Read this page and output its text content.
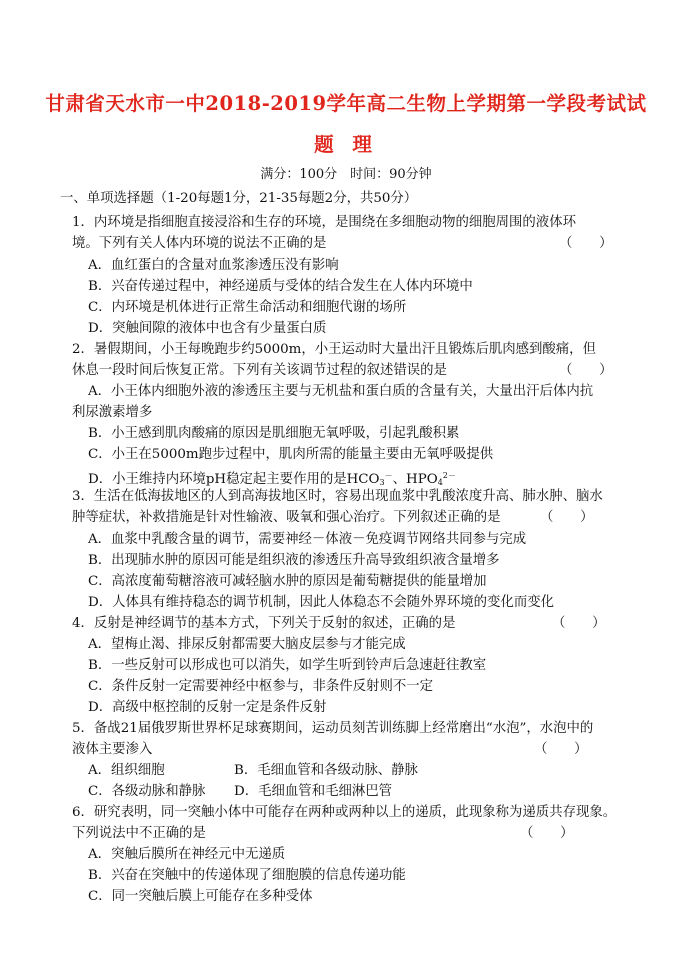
甘肃省天水市一中2018-2019学年高二生物上学期第一学段考试试
题 理
满分：100分　时间：90分钟
一、单项选择题（1-20每题1分，21-35每题2分，共50分）
1．内环境是指细胞直接浸浴和生存的环境，是围绕在多细胞动物的细胞周围的液体环
境。下列有关人体内环境的说法不正确的是	（　　）
A．血红蛋白的含量对血浆渗透压没有影响
B．兴奋传递过程中，神经递质与受体的结合发生在人体内环境中
C．内环境是机体进行正常生命活动和细胞代谢的场所
D．突触间隙的液体中也含有少量蛋白质
2．暑假期间，小王每晚跑步约5000m，小王运动时大量出汗且锻炼后肌肉感到酸痛，但
休息一段时间后恢复正常。下列有关该调节过程的叙述错误的是	（　　）
A．小王体内细胞外液的渗透压主要与无机盐和蛋白质的含量有关，大量出汗后体内抗
利尿激素增多
B．小王感到肌肉酸痛的原因是肌细胞无氧呼吸，引起乳酸积累
C．小王在5000m跑步过程中，肌肉所需的能量主要由无氧呼吸提供
D．小王维持内环境pH稳定起主要作用的是$HCO_3^-$、$HPO_4^{2-}$
3．生活在低海拔地区的人到高海拔地区时，容易出现血浆中乳酸浓度升高、肺水肿、脑水
肿等症状，补救措施是针对性输液、吸氧和强心治疗。下列叙述正确的是	（　　）
A．血浆中乳酸含量的调节，需要神经－体液－免疫调节网络共同参与完成
B．出现肺水肿的原因可能是组织液的渗透压升高导致组织液含量增多
C．高浓度葡萄糖溶液可减轻脑水肿的原因是葡萄糖提供的能量增加
D．人体具有维持稳态的调节机制，因此人体稳态不会随外界环境的变化而变化
4．反射是神经调节的基本方式，下列关于反射的叙述，正确的是	（　　）
A．望梅止渴、排尿反射都需要大脑皮层参与才能完成
B．一些反射可以形成也可以消失，如学生听到铃声后急速赶往教室
C．条件反射一定需要神经中枢参与，非条件反射则不一定
D．高级中枢控制的反射一定是条件反射
5．备战21届俄罗斯世界杯足球赛期间，运动员刻苦训练脚上经常磨出“水泡”，水泡中的
液体主要渗入	（　　）
A．组织细胞	B．毛细血管和各级动脉、静脉
C．各级动脉和静脉 D．毛细血管和毛细淋巴管
6．研究表明，同一突触小体中可能存在两种或两种以上的递质，此现象称为递质共存现象。
下列说法中不正确的是	（　　）
A．突触后膜所在神经元中无递质
B．兴奋在突触中的传递体现了细胞膜的信息传递功能
C．同一突触后膜上可能存在多种受体
